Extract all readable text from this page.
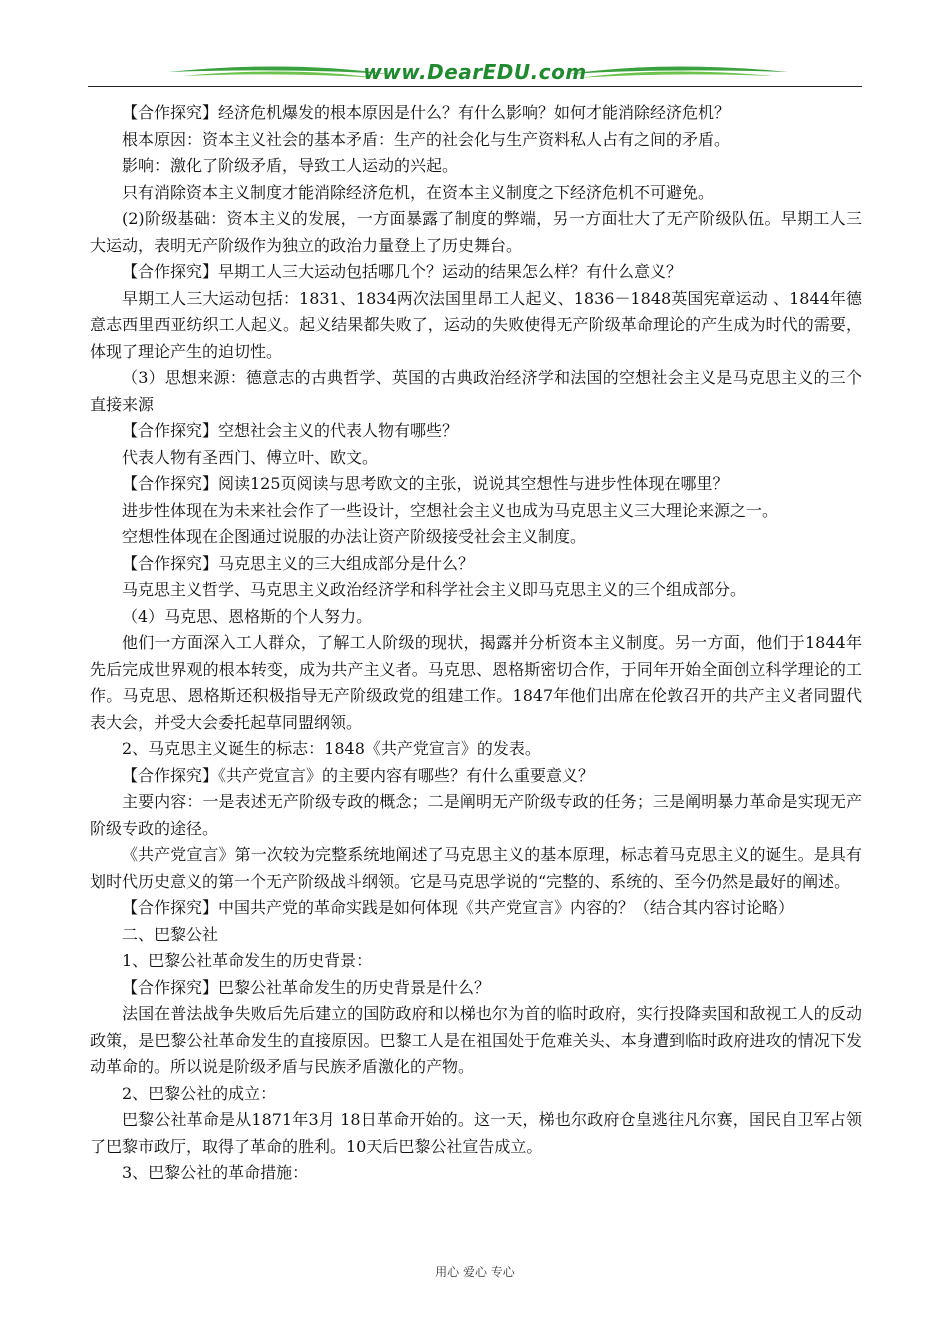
www.DearEDU.com

【合作探究】经济危机爆发的根本原因是什么？有什么影响？如何才能消除经济危机？

根本原因：资本主义社会的基本矛盾：生产的社会化与生产资料私人占有之间的矛盾。

影响：激化了阶级矛盾，导致工人运动的兴起。

只有消除资本主义制度才能消除经济危机，在资本主义制度之下经济危机不可避免。

(2)阶级基础：资本主义的发展，一方面暴露了制度的弊端，另一方面壮大了无产阶级队伍。早期工人三大运动，表明无产阶级作为独立的政治力量登上了历史舞台。

【合作探究】早期工人三大运动包括哪几个？运动的结果怎么样？有什么意义？

早期工人三大运动包括：1831、1834两次法国里昂工人起义、1836－1848英国宪章运动 、1844年德意志西里西亚纺织工人起义。起义结果都失败了，运动的失败使得无产阶级革命理论的产生成为时代的需要，体现了理论产生的迫切性。

（3）思想来源：德意志的古典哲学、英国的古典政治经济学和法国的空想社会主义是马克思主义的三个直接来源

【合作探究】空想社会主义的代表人物有哪些？

代表人物有圣西门、傅立叶、欧文。

【合作探究】阅读125页阅读与思考欧文的主张，说说其空想性与进步性体现在哪里？

进步性体现在为未来社会作了一些设计，空想社会主义也成为马克思主义三大理论来源之一。

空想性体现在企图通过说服的办法让资产阶级接受社会主义制度。

【合作探究】马克思主义的三大组成部分是什么？

马克思主义哲学、马克思主义政治经济学和科学社会主义即马克思主义的三个组成部分。

（4）马克思、恩格斯的个人努力。

他们一方面深入工人群众，了解工人阶级的现状，揭露并分析资本主义制度。另一方面，他们于1844年先后完成世界观的根本转变，成为共产主义者。马克思、恩格斯密切合作，于同年开始全面创立科学理论的工作。马克思、恩格斯还积极指导无产阶级政党的组建工作。1847年他们出席在伦敦召开的共产主义者同盟代表大会，并受大会委托起草同盟纲领。

2、马克思主义诞生的标志：1848《共产党宣言》的发表。

【合作探究】《共产党宣言》的主要内容有哪些？有什么重要意义？

主要内容：一是表述无产阶级专政的概念；二是阐明无产阶级专政的任务；三是阐明暴力革命是实现无产阶级专政的途径。

《共产党宣言》第一次较为完整系统地阐述了马克思主义的基本原理，标志着马克思主义的诞生。是具有划时代历史意义的第一个无产阶级战斗纲领。它是马克思学说的“完整的、系统的、至今仍然是最好的阐述。

【合作探究】中国共产党的革命实践是如何体现《共产党宣言》内容的？（结合其内容讨论略）

二、巴黎公社

1、巴黎公社革命发生的历史背景：

【合作探究】巴黎公社革命发生的历史背景是什么？

法国在普法战争失败后先后建立的国防政府和以梯也尔为首的临时政府，实行投降卖国和敌视工人的反动政策，是巴黎公社革命发生的直接原因。巴黎工人是在祖国处于危难关头、本身遭到临时政府进攻的情况下发动革命的。所以说是阶级矛盾与民族矛盾激化的产物。

2、巴黎公社的成立：

巴黎公社革命是从1871年3月 18日革命开始的。这一天，梯也尔政府仓皇逃往凡尔赛，国民自卫军占领了巴黎市政厅，取得了革命的胜利。10天后巴黎公社宣告成立。

3、巴黎公社的革命措施：

用心 爱心 专心
